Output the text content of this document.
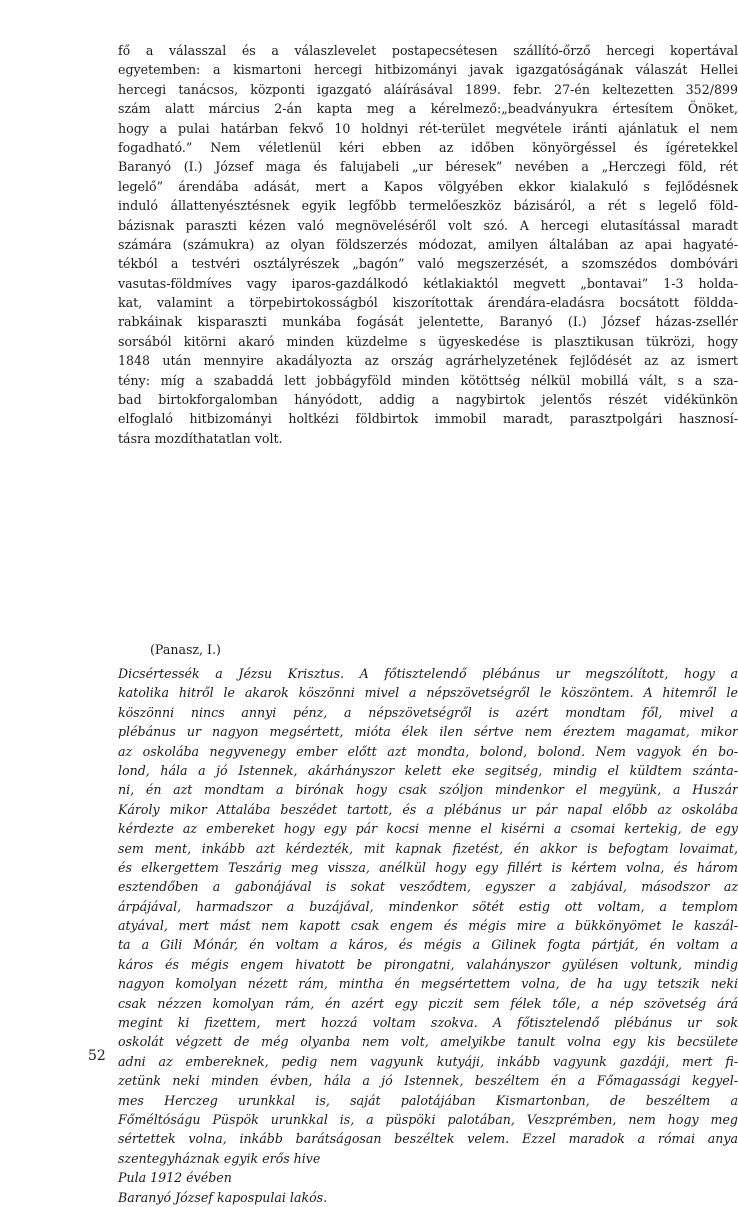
fő a válasszal és a válaszlevelet postapecsétesen szállító-őrző hercegi kopertával
egyetemben: a kismartoni hercegi hitbizományi javak igazgatóságának válaszát Hellei
hercegi tanácsos, központi igazgató aláírásával 1899. febr. 27-én keltezetten 352/899
szám alatt március 2-án kapta meg a kérelmező:„beadványukra értesítem Önöket,
hogy a pulai határban fekvő 10 holdnyi rét-terület megvétele iránti ajánlatuk el nem
fogadható.” Nem véletlenül kéri ebben az időben könyörgéssel és ígéretekkel
Baranyó (I.) József maga és falujabeli „ur béresek” nevében a „Herczegi föld, rét
legelő” árendába adását, mert a Kapos völgyében ekkor kialakuló s fejlődésnek
induló állattenyésztésnek egyik legfőbb termelőeszköz bázisáról, a rét s legelő föld-
bázisnak paraszti kézen való megnöveléséről volt szó. A hercegi elutasítással maradt
számára (számukra) az olyan földszerzés módozat, amilyen általában az apai hagyaté-
tékból a testvéri osztályrészek „bagón” való megszerzését, a szomszédos dombóvári
vasutas-földmíves vagy iparos-gazdálkodó kétlakiaktól megvett „bontavai” 1-3 holda-
kat, valamint a törpebirtokosságból kiszorítottak árendára-eladásra bocsátott földda-
rabkáinak kisparaszti munkába fogását jelentette, Baranyó (I.) József házas-zsellér
sorsából kitörni akaró minden küzdelme s ügyeskedése is plasztikusan tükrözi, hogy
1848 után mennyire akadályozta az ország agrárhelyzetének fejlődését az az ismert
tény: míg a szabaddá lett jobbágyföld minden kötöttség nélkül mobillá vált, s a sza-
bad birtokforgalomban hányódott, addig a nagybirtok jelentős részét vidékünkön
elfoglaló hitbizományi holtkézi földbirtok immobil maradt, parasztpolgári hasznosí-
tásra mozdíthatatlan volt.
(Panasz, I.)
Dicsértessék a Jézsu Krisztus. A főtisztelendő plébánus ur megszólított, hogy a
katolika hitről le akarok köszönni mivel a népszövetségről le köszöntem. A hitemről le
köszönni nincs annyi pénz, a népszövetségről is azért mondtam fől, mivel a
plébánus ur nagyon megsértett, mióta élek ilen sértve nem éreztem magamat, mikor
az oskolába negyvenegy ember előtt azt mondta, bolond, bolond. Nem vagyok én bo-
lond, hála a jó Istennek, akárhányszor kelett eke segitség, mindig el küldtem szánta-
ni, én azt mondtam a birónak hogy csak szóljon mindenkor el megyünk, a Huszár
Károly mikor Attalába beszédet tartott, és a plébánus ur pár napal előbb az oskolába
kérdezte az embereket hogy egy pár kocsi menne el kisérni a csomai kertekig, de egy
sem ment, inkább azt kérdezték, mit kapnak fizetést, én akkor is befogtam lovaimat,
és elkergettem Teszárig meg vissza, anélkül hogy egy fillért is kértem volna, és három
esztendőben a gabonájával is sokat vesződtem, egyszer a zabjával, másodszor az
árpájával, harmadszor a buzájával, mindenkor sötét estig ott voltam, a templom
atyával, mert mást nem kapott csak engem és mégis mire a bükkönyömet le kaszál-
ta a Gili Mónár, én voltam a káros, és mégis a Gilinek fogta pártját, én voltam a
káros és mégis engem hivatott be pirongatni, valahányszor gyülésen voltunk, mindig
nagyon komolyan nézett rám, mintha én megsértettem volna, de ha ugy tetszik neki
csak nézzen komolyan rám, én azért egy piczit sem félek tőle, a nép szövetség árá
megint ki fizettem, mert hozzá voltam szokva. A főtisztelendő plébánus ur sok
oskolát végzett de még olyanba nem volt, amelyikbe tanult volna egy kis becsülete
adni az embereknek, pedig nem vagyunk kutyáji, inkább vagyunk gazdáji, mert fi-
zetünk neki minden évben, hála a jó Istennek, beszéltem én a Főmagassági kegyel-
mes Herczeg urunkkal is, saját palotájában Kismartonban, de beszéltem a
Főméltóságu Püspök urunkkal is, a püspöki palotában, Veszprémben, nem hogy meg
sértettek volna, inkább barátságosan beszéltek velem. Ezzel maradok a római anya
szentegyháznak egyik erős hive
Pula 1912 évében
Baranyó József kapospulai lakós.
52
